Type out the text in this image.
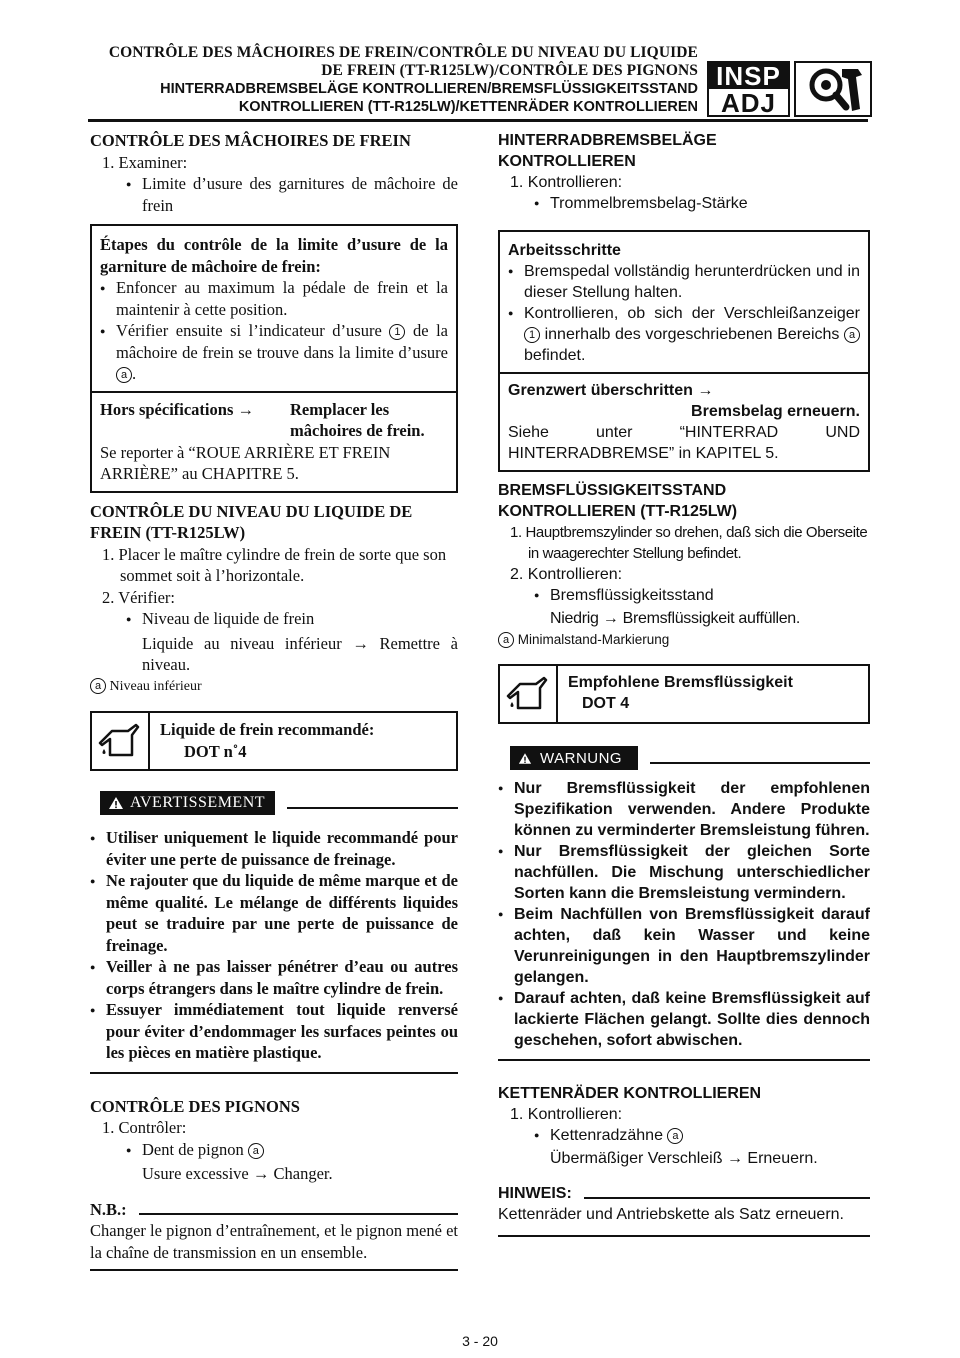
CONTRÔLE DES MÂCHOIRES DE FREIN/CONTRÔLE DU NIVEAU DU LIQUIDE
DE FREIN (TT-R125LW)/CONTRÔLE DES PIGNONS
HINTERRADBREMSBELÄGE KONTROLLIEREN/BREMSFLÜSSIGKEITSSTAND
KONTROLLIEREN (TT-R125LW)/KETTENRÄDER KONTROLLIEREN
INSP
ADJ
CONTRÔLE DES MÂCHOIRES DE FREIN
1. Examiner:
●
Limite d’usure des garnitures de mâchoire de frein
Étapes du contrôle de la limite d’usure de la garniture de mâchoire de frein:
●
Enfoncer au maximum la pédale de frein et la maintenir à cette position.
●
Vérifier ensuite si l’indicateur d’usure 1 de la mâchoire de frein se trouve dans la limite d’usure a .
Hors spécifications →	Remplacer les mâchoires de frein.
Se reporter à “ROUE ARRIÈRE ET FREIN ARRIÈRE” au CHAPITRE 5.
CONTRÔLE DU NIVEAU DU LIQUIDE DE FREIN (TT-R125LW)
1. Placer le maître cylindre de frein de sorte que son sommet soit à l’horizontale.
2. Vérifier:
●
Niveau de liquide de frein
Liquide au niveau inférieur → Remettre à niveau.
a Niveau inférieur
Liquide de frein recommandé:
DOT n˚4
AVERTISSEMENT
●
Utiliser uniquement le liquide recommandé pour éviter une perte de puissance de freinage.
●
Ne rajouter que du liquide de même marque et de même qualité. Le mélange de différents liquides peut se traduire par une perte de puissance de freinage.
●
Veiller à ne pas laisser pénétrer d’eau ou autres corps étrangers dans le maître cylindre de frein.
●
Essuyer immédiatement tout liquide renversé pour éviter d’endommager les surfaces peintes ou les pièces en matière plastique.
CONTRÔLE DES PIGNONS
1. Contrôler:
●
Dent de pignon a
Usure excessive → Changer.
N.B.:
Changer le pignon d’entraînement, et le pignon mené et la chaîne de transmission en un ensemble.
HINTERRADBREMSBELÄGE
KONTROLLIEREN
1. Kontrollieren:
●
Trommelbremsbelag-Stärke
Arbeitsschritte
●
Bremspedal vollständig herunterdrücken und in dieser Stellung halten.
●
Kontrollieren, ob sich der Verschleißanzeiger 1 innerhalb des vorgeschriebenen Bereichs a befindet.
Grenzwert überschritten →
Bremsbelag erneuern.
Siehe unter “HINTERRAD UND HINTERRADBREMSE” in KAPITEL 5.
BREMSFLÜSSIGKEITSSTAND
KONTROLLIEREN (TT-R125LW)
1. Hauptbremszylinder so drehen, daß sich die Oberseite in waagerechter Stellung befindet.
2. Kontrollieren:
●
Bremsflüssigkeitsstand
Niedrig → Bremsflüssigkeit auffüllen.
a Minimalstand-Markierung
Empfohlene Bremsflüssigkeit
DOT 4
WARNUNG
●
Nur Bremsflüssigkeit der empfohlenen Spezifikation verwenden. Andere Produkte können zu verminderter Bremsleistung führen.
●
Nur Bremsflüssigkeit der gleichen Sorte nachfüllen. Die Mischung unterschiedlicher Sorten kann die Bremsleistung vermindern.
●
Beim Nachfüllen von Bremsflüssigkeit darauf achten, daß kein Wasser und keine Verunreinigungen in den Hauptbremszylinder gelangen.
●
Darauf achten, daß keine Bremsflüssigkeit auf lackierte Flächen gelangt. Sollte dies dennoch geschehen, sofort abwischen.
KETTENRÄDER KONTROLLIEREN
1. Kontrollieren:
●
Kettenradzähne a
Übermäßiger Verschleiß → Erneuern.
HINWEIS:
Kettenräder und Antriebskette als Satz erneuern.
3 - 20
